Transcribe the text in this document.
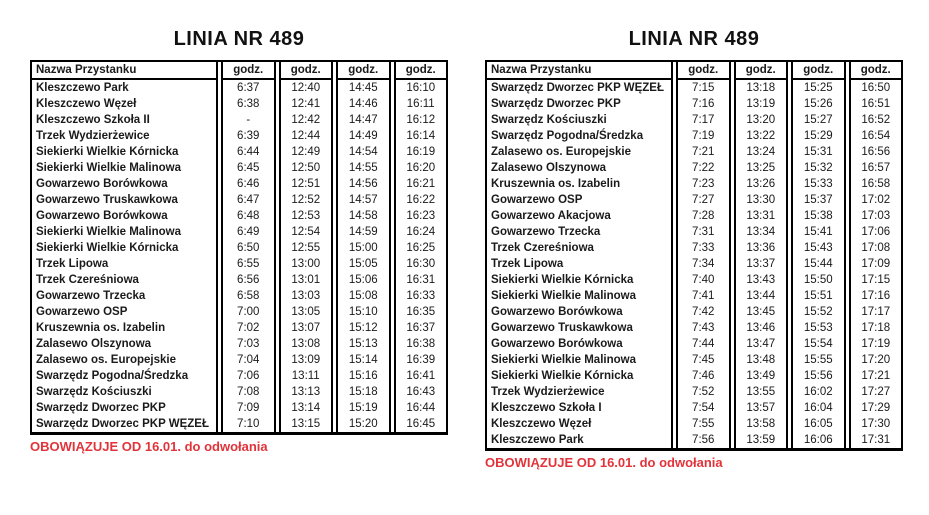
LINIA NR 489
Nazwa Przystanku	godz.	godz.	godz.	godz.
Kleszczewo Park	6:37	12:40	14:45	16:10
Kleszczewo Węzeł	6:38	12:41	14:46	16:11
Kleszczewo Szkoła II	-	12:42	14:47	16:12
Trzek Wydzierżewice	6:39	12:44	14:49	16:14
Siekierki Wielkie Kórnicka	6:44	12:49	14:54	16:19
Siekierki Wielkie Malinowa	6:45	12:50	14:55	16:20
Gowarzewo Borówkowa	6:46	12:51	14:56	16:21
Gowarzewo Truskawkowa	6:47	12:52	14:57	16:22
Gowarzewo Borówkowa	6:48	12:53	14:58	16:23
Siekierki Wielkie Malinowa	6:49	12:54	14:59	16:24
Siekierki Wielkie Kórnicka	6:50	12:55	15:00	16:25
Trzek Lipowa	6:55	13:00	15:05	16:30
Trzek Czereśniowa	6:56	13:01	15:06	16:31
Gowarzewo Trzecka	6:58	13:03	15:08	16:33
Gowarzewo OSP	7:00	13:05	15:10	16:35
Kruszewnia os. Izabelin	7:02	13:07	15:12	16:37
Zalasewo Olszynowa	7:03	13:08	15:13	16:38
Zalasewo os. Europejskie	7:04	13:09	15:14	16:39
Swarzędz Pogodna/Średzka	7:06	13:11	15:16	16:41
Swarzędz Kościuszki	7:08	13:13	15:18	16:43
Swarzędz Dworzec PKP	7:09	13:14	15:19	16:44
Swarzędz Dworzec PKP WĘZEŁ	7:10	13:15	15:20	16:45
OBOWIĄZUJE OD 16.01. do odwołania
LINIA NR 489
Nazwa Przystanku	godz.	godz.	godz.	godz.
Swarzędz Dworzec PKP WĘZEŁ	7:15	13:18	15:25	16:50
Swarzędz Dworzec PKP	7:16	13:19	15:26	16:51
Swarzędz Kościuszki	7:17	13:20	15:27	16:52
Swarzędz Pogodna/Średzka	7:19	13:22	15:29	16:54
Zalasewo os. Europejskie	7:21	13:24	15:31	16:56
Zalasewo Olszynowa	7:22	13:25	15:32	16:57
Kruszewnia os. Izabelin	7:23	13:26	15:33	16:58
Gowarzewo OSP	7:27	13:30	15:37	17:02
Gowarzewo Akacjowa	7:28	13:31	15:38	17:03
Gowarzewo Trzecka	7:31	13:34	15:41	17:06
Trzek Czereśniowa	7:33	13:36	15:43	17:08
Trzek Lipowa	7:34	13:37	15:44	17:09
Siekierki Wielkie Kórnicka	7:40	13:43	15:50	17:15
Siekierki Wielkie Malinowa	7:41	13:44	15:51	17:16
Gowarzewo Borówkowa	7:42	13:45	15:52	17:17
Gowarzewo Truskawkowa	7:43	13:46	15:53	17:18
Gowarzewo Borówkowa	7:44	13:47	15:54	17:19
Siekierki Wielkie Malinowa	7:45	13:48	15:55	17:20
Siekierki Wielkie Kórnicka	7:46	13:49	15:56	17:21
Trzek Wydzierżewice	7:52	13:55	16:02	17:27
Kleszczewo Szkoła I	7:54	13:57	16:04	17:29
Kleszczewo Węzeł	7:55	13:58	16:05	17:30
Kleszczewo Park	7:56	13:59	16:06	17:31
OBOWIĄZUJE OD 16.01. do odwołania
